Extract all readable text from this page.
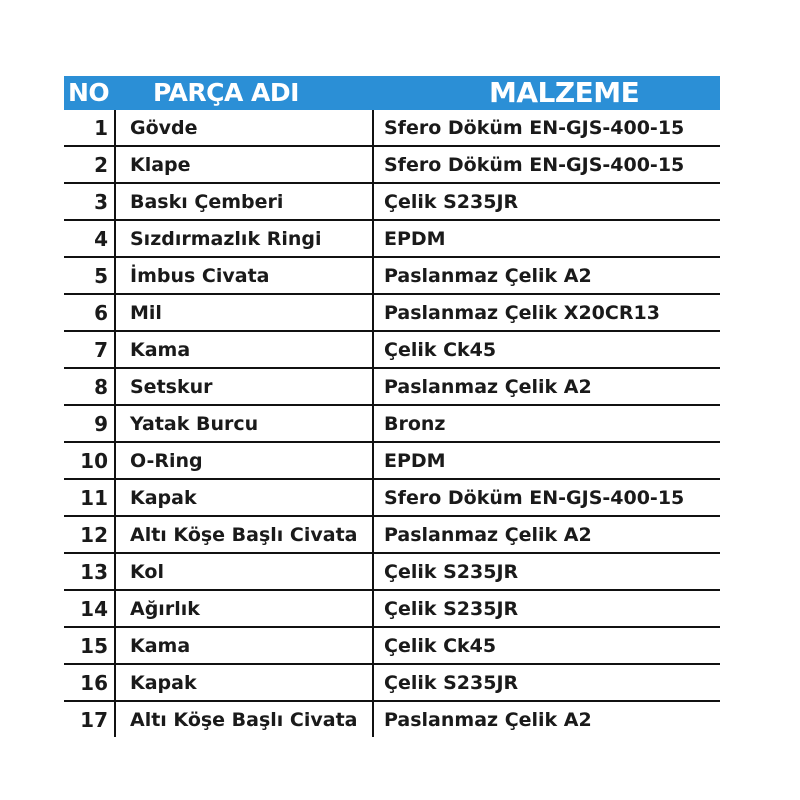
NO	PARÇA ADI	MALZEME
1	Gövde	Sfero Döküm EN-GJS-400-15
2	Klape	Sfero Döküm EN-GJS-400-15
3	Baskı Çemberi	Çelik S235JR
4	Sızdırmazlık Ringi	EPDM
5	İmbus Civata	Paslanmaz Çelik A2
6	Mil	Paslanmaz Çelik X20CR13
7	Kama	Çelik Ck45
8	Setskur	Paslanmaz Çelik A2
9	Yatak Burcu	Bronz
10	O-Ring	EPDM
11	Kapak	Sfero Döküm EN-GJS-400-15
12	Altı Köşe Başlı Civata	Paslanmaz Çelik A2
13	Kol	Çelik S235JR
14	Ağırlık	Çelik S235JR
15	Kama	Çelik Ck45
16	Kapak	Çelik S235JR
17	Altı Köşe Başlı Civata	Paslanmaz Çelik A2
